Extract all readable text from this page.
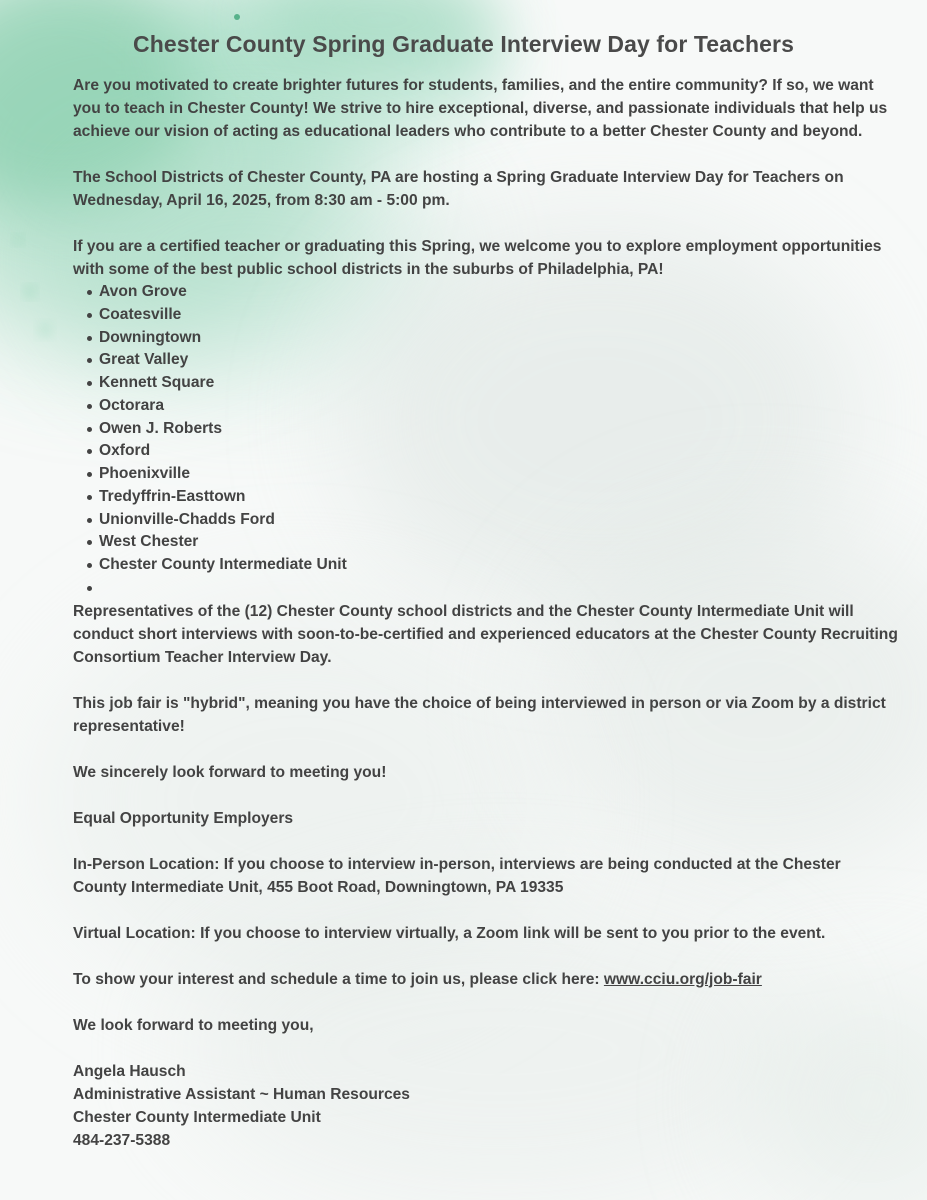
Chester County Spring Graduate Interview Day for Teachers

Are you motivated to create brighter futures for students, families, and the entire community? If so, we want you to teach in Chester County! We strive to hire exceptional, diverse, and passionate individuals that help us achieve our vision of acting as educational leaders who contribute to a better Chester County and beyond.

The School Districts of Chester County, PA are hosting a Spring Graduate Interview Day for Teachers on Wednesday, April 16, 2025, from 8:30 am - 5:00 pm.

If you are a certified teacher or graduating this Spring, we welcome you to explore employment opportunities with some of the best public school districts in the suburbs of Philadelphia, PA!

Avon Grove
Coatesville
Downingtown
Great Valley
Kennett Square
Octorara
Owen J. Roberts
Oxford
Phoenixville
Tredyffrin-Easttown
Unionville-Chadds Ford
West Chester
Chester County Intermediate Unit

Representatives of the (12) Chester County school districts and the Chester County Intermediate Unit will conduct short interviews with soon-to-be-certified and experienced educators at the Chester County Recruiting Consortium Teacher Interview Day.

This job fair is "hybrid", meaning you have the choice of being interviewed in person or via Zoom by a district representative!

We sincerely look forward to meeting you!

Equal Opportunity Employers

In-Person Location: If you choose to interview in-person, interviews are being conducted at the Chester County Intermediate Unit, 455 Boot Road, Downingtown, PA 19335

Virtual Location: If you choose to interview virtually, a Zoom link will be sent to you prior to the event.

To show your interest and schedule a time to join us, please click here: www.cciu.org/job-fair

We look forward to meeting you,

Angela Hausch

Administrative Assistant ~ Human Resources

Chester County Intermediate Unit

484-237-5388
